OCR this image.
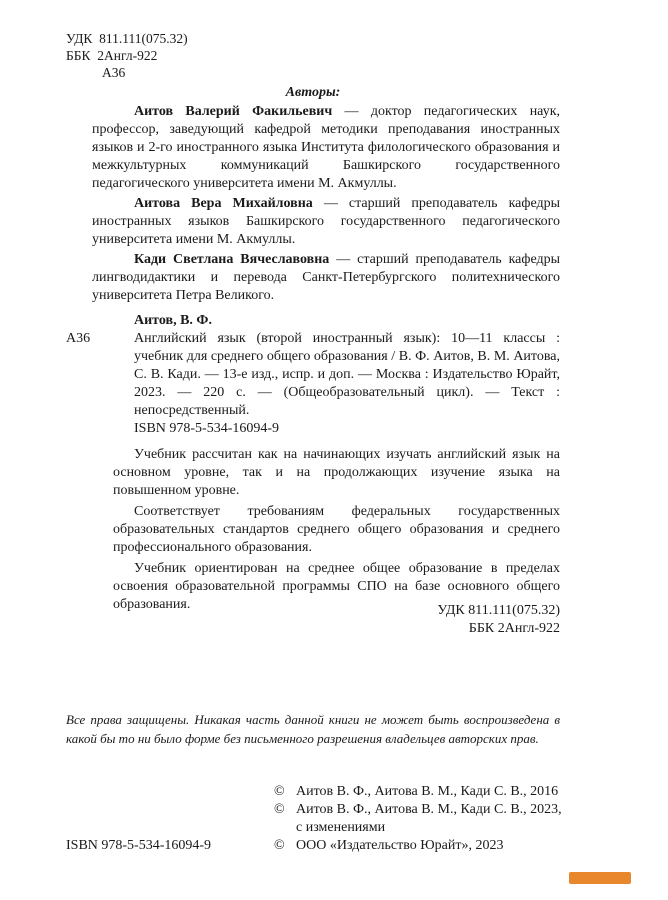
УДК 811.111(075.32)
ББК 2Англ-922
А36
Авторы:
Аитов Валерий Факильевич — доктор педагогических наук, профессор, заведующий кафедрой методики преподавания иностранных языков и 2-го иностранного языка Института филологического образования и межкультурных коммуникаций Башкирского государственного педагогического университета имени М. Акмуллы.
Аитова Вера Михайловна — старший преподаватель кафедры иностранных языков Башкирского государственного педагогического университета имени М. Акмуллы.
Кади Светлана Вячеславовна — старший преподаватель кафедры лингводидактики и перевода Санкт-Петербургского политехнического университета Петра Великого.
Аитов, В. Ф.
А36	Английский язык (второй иностранный язык): 10—11 классы : учебник для среднего общего образования / В. Ф. Аитов, В. М. Аитова, С. В. Кади. — 13-е изд., испр. и доп. — Москва : Издательство Юрайт, 2023. — 220 с. — (Общеобразовательный цикл). — Текст : непосредственный.
ISBN 978-5-534-16094-9

Учебник рассчитан как на начинающих изучать английский язык на основном уровне, так и на продолжающих изучение языка на повышенном уровне.

Соответствует требованиям федеральных государственных образовательных стандартов среднего общего образования и среднего профессионального образования.

Учебник ориентирован на среднее общее образование в пределах освоения образовательной программы СПО на базе основного общего образования.	УДК 811.111(075.32)
ББК 2Англ-922
Все права защищены. Никакая часть данной книги не может быть воспроизведена в какой бы то ни было форме без письменного разрешения владельцев авторских прав.
© Аитов В. Ф., Аитова В. М., Кади С. В., 2016
© Аитов В. Ф., Аитова В. М., Кади С. В., 2023, с изменениями
© ООО «Издательство Юрайт», 2023
ISBN 978-5-534-16094-9
